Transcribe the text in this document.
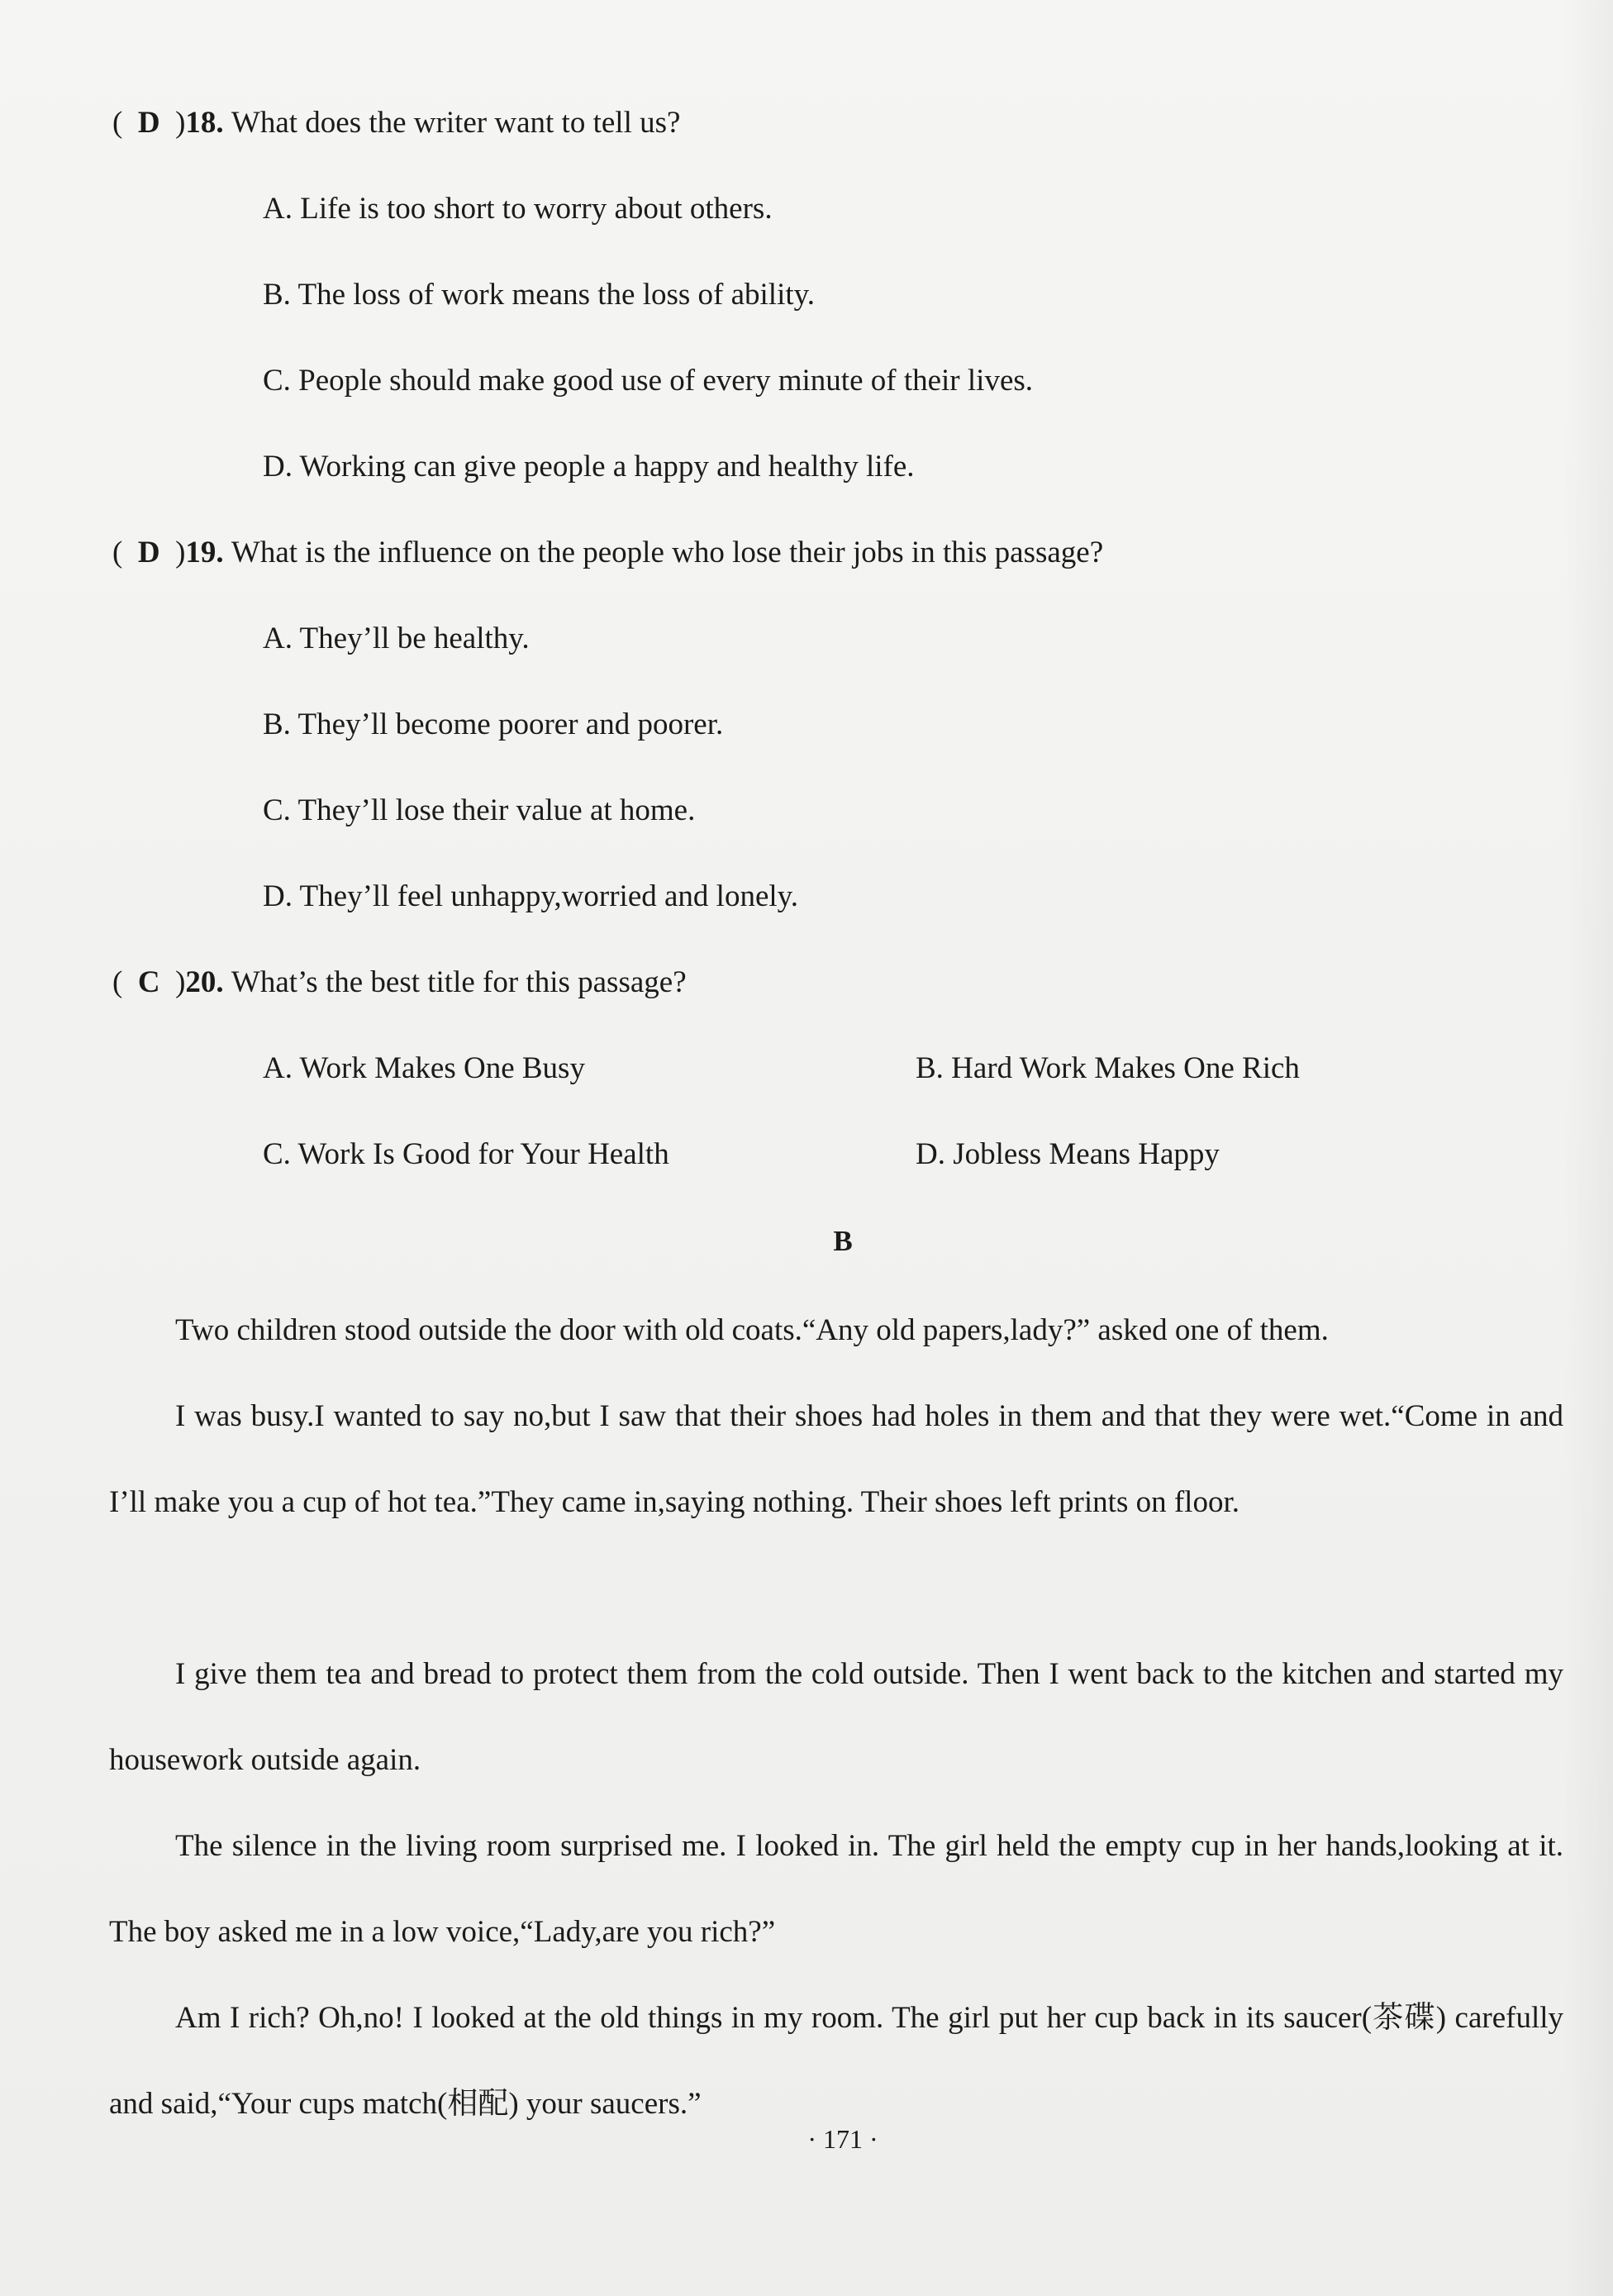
(  D  )18. What does the writer want to tell us?
A. Life is too short to worry about others.
B. The loss of work means the loss of ability.
C. People should make good use of every minute of their lives.
D. Working can give people a happy and healthy life.
(  D  )19. What is the influence on the people who lose their jobs in this passage?
A. They’ll be healthy.
B. They’ll become poorer and poorer.
C. They’ll lose their value at home.
D. They’ll feel unhappy,worried and lonely.
(  C  )20. What’s the best title for this passage?
A. Work Makes One Busy	B. Hard Work Makes One Rich
C. Work Is Good for Your Health	D. Jobless Means Happy
B
Two children stood outside the door with old coats.“Any old papers,lady?” asked one of them.
I was busy.I wanted to say no,but I saw that their shoes had holes in them and that they were wet.“Come in and I’ll make you a cup of hot tea.”They came in,saying nothing. Their shoes left prints on floor.
I give them tea and bread to protect them from the cold outside. Then I went back to the kitchen and started my housework outside again.
The silence in the living room surprised me. I looked in. The girl held the empty cup in her hands,looking at it. The boy asked me in a low voice,“Lady,are you rich?”
Am I rich? Oh,no! I looked at the old things in my room. The girl put her cup back in its saucer(茶碟) carefully and said,“Your cups match(相配) your saucers.”
· 171 ·
